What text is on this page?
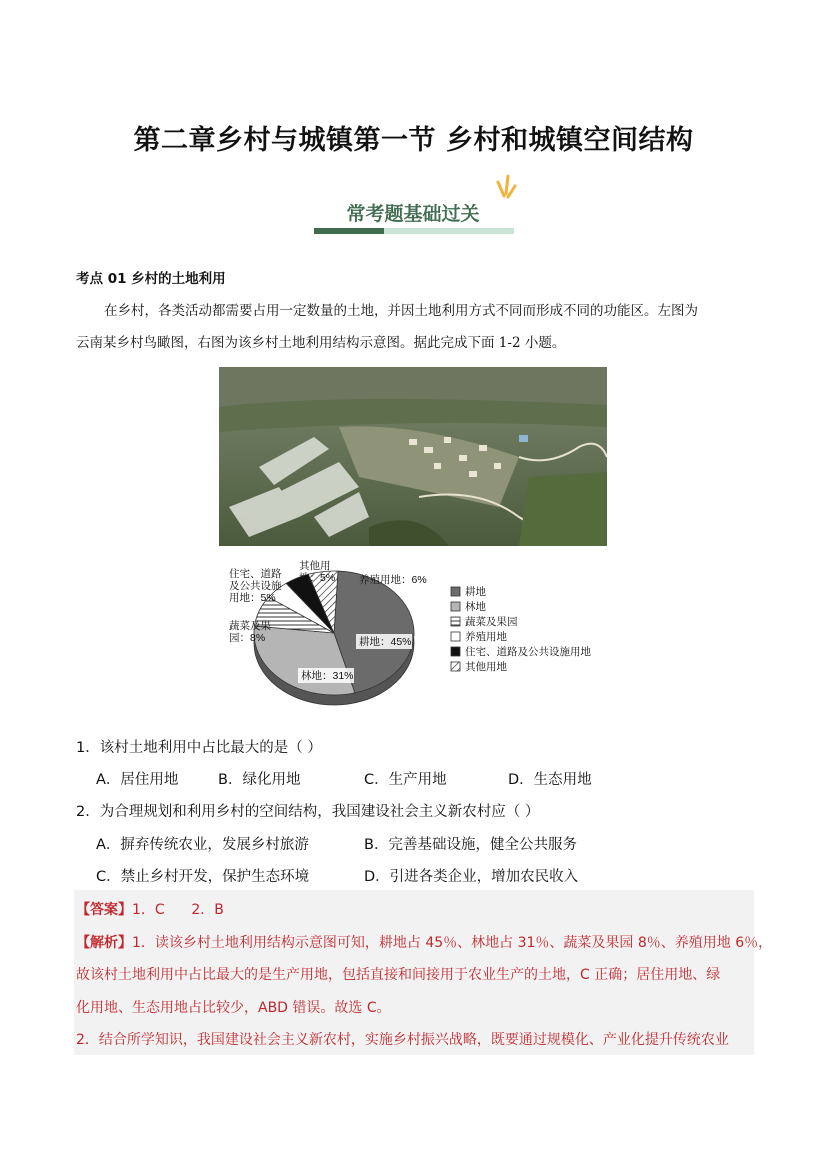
第二章乡村与城镇第一节 乡村和城镇空间结构
常考题基础过关
考点 01 乡村的土地利用
在乡村，各类活动都需要占用一定数量的土地，并因土地利用方式不同而形成不同的功能区。左图为
云南某乡村鸟瞰图，右图为该乡村土地利用结构示意图。据此完成下面 1-2 小题。
耕地：45%
林地：31%
蔬菜及果园：8%
住宅、道路及公共设施用地：5%
其他用地：5% 养殖用地：6%
耕地
林地
蔬菜及果园
养殖用地
住宅、道路及公共设施用地
其他用地
1．该村土地利用中占比最大的是（ ）
A．居住用地	B．绿化用地	C．生产用地	D．生态用地
2．为合理规划和利用乡村的空间结构，我国建设社会主义新农村应（ ）
A．摒弃传统农业，发展乡村旅游	B．完善基础设施，健全公共服务
C．禁止乡村开发，保护生态环境	D．引进各类企业，增加农民收入
【答案】1．C      2．B
【解析】1．读该乡村土地利用结构示意图可知，耕地占 45％、林地占 31％、蔬菜及果园 8％、养殖用地 6％，
故该村土地利用中占比最大的是生产用地，包括直接和间接用于农业生产的土地，C 正确；居住用地、绿
化用地、生态用地占比较少，ABD 错误。故选 C。
2．结合所学知识，我国建设社会主义新农村，实施乡村振兴战略，既要通过规模化、产业化提升传统农业
